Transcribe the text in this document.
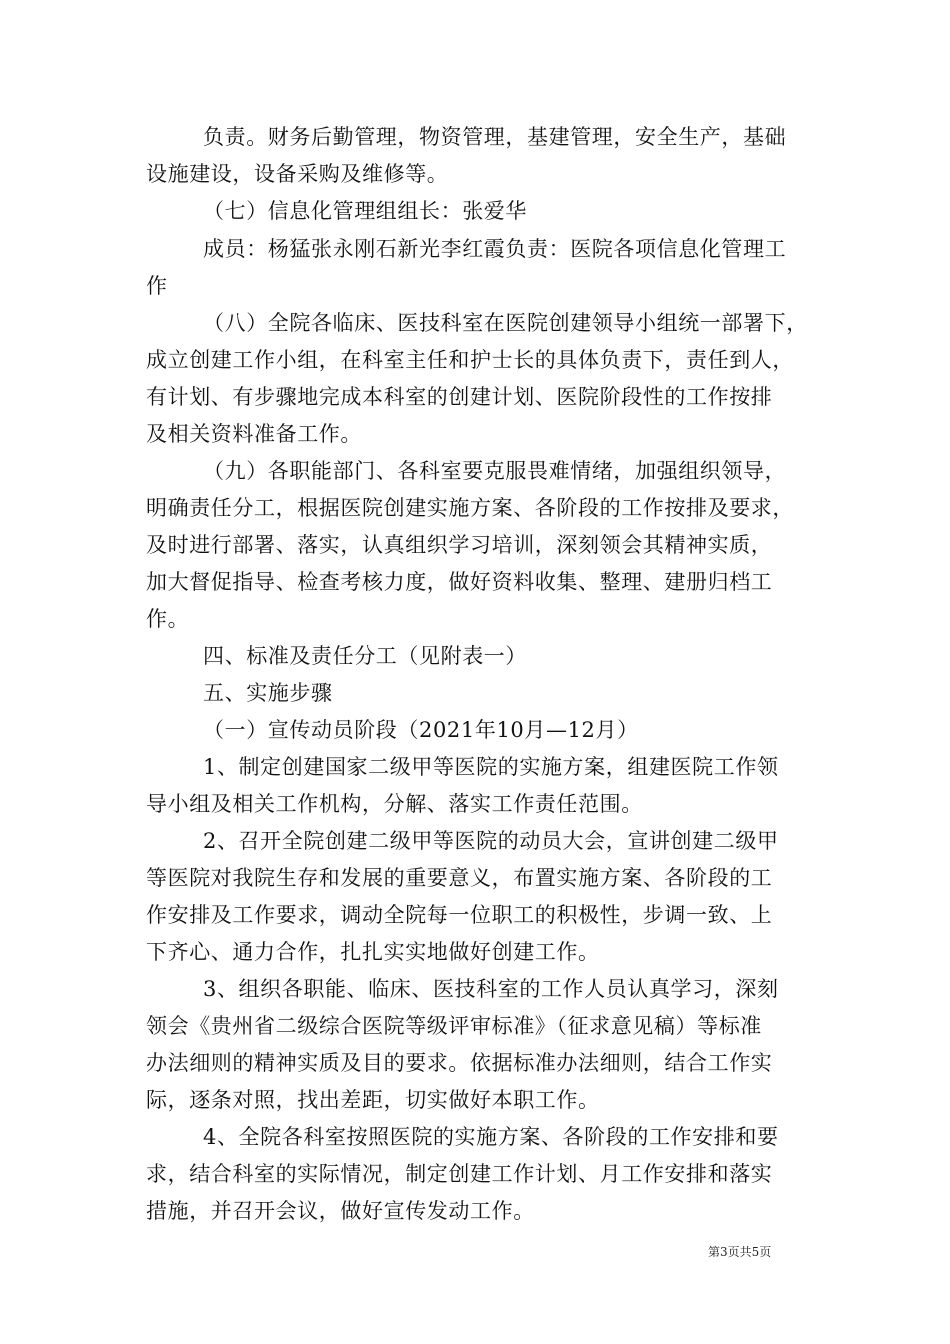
负责。财务后勤管理，物资管理，基建管理，安全生产，基础
设施建设，设备采购及维修等。
（七）信息化管理组组长：张爱华
成员：杨猛张永刚石新光李红霞负责：医院各项信息化管理工
作
（八）全院各临床、医技科室在医院创建领导小组统一部署下，
成立创建工作小组，在科室主任和护士长的具体负责下，责任到人，
有计划、有步骤地完成本科室的创建计划、医院阶段性的工作按排
及相关资料准备工作。
（九）各职能部门、各科室要克服畏难情绪，加强组织领导，
明确责任分工，根据医院创建实施方案、各阶段的工作按排及要求，
及时进行部署、落实，认真组织学习培训，深刻领会其精神实质，
加大督促指导、检查考核力度，做好资料收集、整理、建册归档工
作。
四、标准及责任分工（见附表一）
五、实施步骤
（一）宣传动员阶段（2021年10月—12月）
1、制定创建国家二级甲等医院的实施方案，组建医院工作领
导小组及相关工作机构，分解、落实工作责任范围。
2、召开全院创建二级甲等医院的动员大会，宣讲创建二级甲
等医院对我院生存和发展的重要意义，布置实施方案、各阶段的工
作安排及工作要求，调动全院每一位职工的积极性，步调一致、上
下齐心、通力合作，扎扎实实地做好创建工作。
3、组织各职能、临床、医技科室的工作人员认真学习，深刻
领会《贵州省二级综合医院等级评审标准》（征求意见稿）等标准
办法细则的精神实质及目的要求。依据标准办法细则，结合工作实
际，逐条对照，找出差距，切实做好本职工作。
4、全院各科室按照医院的实施方案、各阶段的工作安排和要
求，结合科室的实际情况，制定创建工作计划、月工作安排和落实
措施，并召开会议，做好宣传发动工作。
第3页共5页
